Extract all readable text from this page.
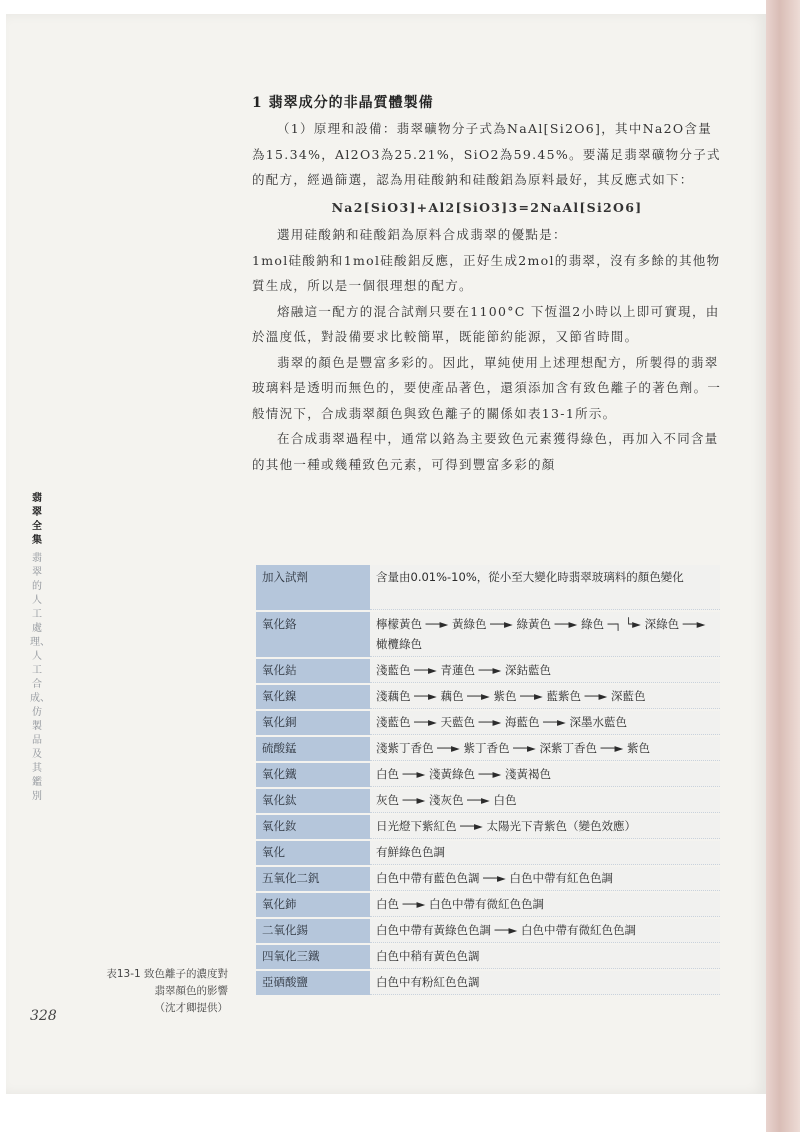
1 翡翠成分的非晶質體製備

（1）原理和設備：翡翠礦物分子式為NaAl[Si2O6]，其中Na2O含量為15.34%，Al2O3為25.21%，SiO2為59.45%。要滿足翡翠礦物分子式的配方，經過篩選，認為用硅酸鈉和硅酸鋁為原料最好，其反應式如下：

Na2[SiO3]+Al2[SiO3]3=2NaAl[Si2O6]

選用硅酸鈉和硅酸鋁為原料合成翡翠的優點是：

1mol硅酸鈉和1mol硅酸鋁反應，正好生成2mol的翡翠，沒有多餘的其他物質生成，所以是一個很理想的配方。

熔融這一配方的混合試劑只要在1100°C 下恆溫2小時以上即可實現，由於溫度低，對設備要求比較簡單，既能節約能源，又節省時間。

翡翠的顏色是豐富多彩的。因此，單純使用上述理想配方，所製得的翡翠玻璃料是透明而無色的，要使產品著色，還須添加含有致色離子的著色劑。一般情況下，合成翡翠顏色與致色離子的關係如表13-1所示。

在合成翡翠過程中，通常以鉻為主要致色元素獲得綠色，再加入不同含量的其他一種或幾種致色元素，可得到豐富多彩的顏

翡翠全集
翡翠的人工處理、人工合成、仿製品及其鑑別
加入試劑	含量由0.01%-10%，從小至大變化時翡翠玻璃料的顏色變化
氧化鉻	檸檬黃色 ──► 黃綠色 ──► 綠黃色 ──► 綠色 ─┐ └► 深綠色 ──► 橄欖綠色
氧化鈷	淺藍色 ──► 青蓮色 ──► 深鈷藍色
氧化鎳	淺藕色 ──► 藕色 ──► 紫色 ──► 藍紫色 ──► 深藍色
氧化銅	淺藍色 ──► 天藍色 ──► 海藍色 ──► 深墨水藍色
硫酸錳	淺紫丁香色 ──► 紫丁香色 ──► 深紫丁香色 ──► 紫色
氧化鐵	白色 ──► 淺黃綠色 ──► 淺黃褐色
氧化鈦	灰色 ──► 淺灰色 ──► 白色
氧化釹	日光燈下紫紅色 ──► 太陽光下青紫色（變色效應）
氧化	有鮮綠色色調
五氧化二釩	白色中帶有藍色色調 ──► 白色中帶有紅色色調
氧化鈰	白色 ──► 白色中帶有微紅色色調
二氧化錫	白色中帶有黃綠色色調 ──► 白色中帶有微紅色色調
四氧化三鐵	白色中稍有黃色色調
亞硒酸鹽	白色中有粉紅色色調
表13-1 致色離子的濃度對
翡翠顏色的影響
（沈才卿提供）
328
